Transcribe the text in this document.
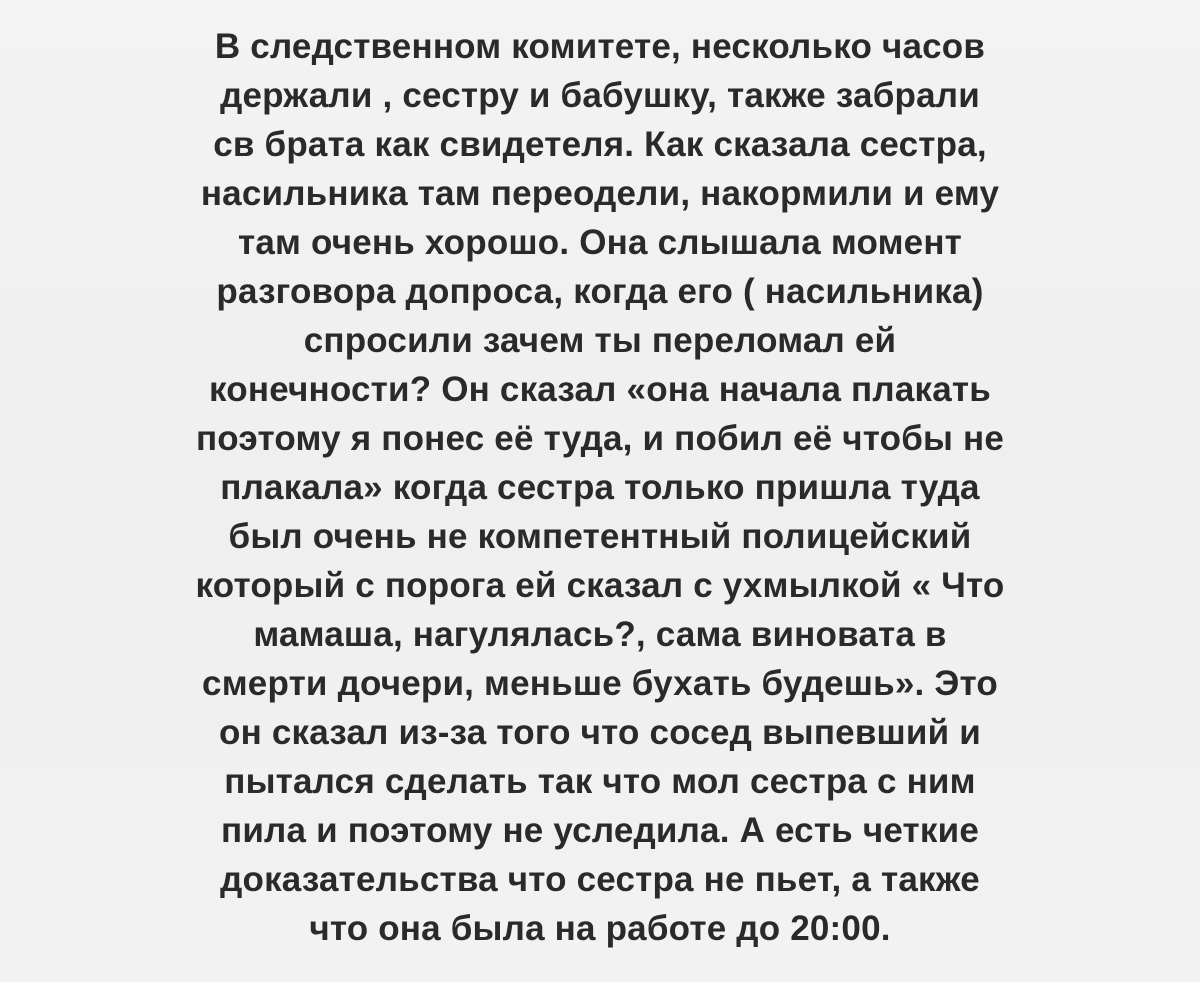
В следственном комитете, несколько часов
держали , сестру и бабушку, также забрали
св брата как свидетеля. Как сказала сестра,
насильника там переодели, накормили и ему
там очень хорошо. Она слышала момент
разговора допроса, когда его ( насильника)
спросили зачем ты переломал ей
конечности? Он сказал «она начала плакать
поэтому я понес её туда, и побил её чтобы не
плакала» когда сестра только пришла туда
был очень не компетентный полицейский
который с порога ей сказал с ухмылкой « Что
мамаша, нагулялась?, сама виновата в
смерти дочери, меньше бухать будешь». Это
он сказал из-за того что сосед выпевший и
пытался сделать так что мол сестра с ним
пила и поэтому не уследила. А есть четкие
доказательства что сестра не пьет, а также
что она была на работе до 20:00.
